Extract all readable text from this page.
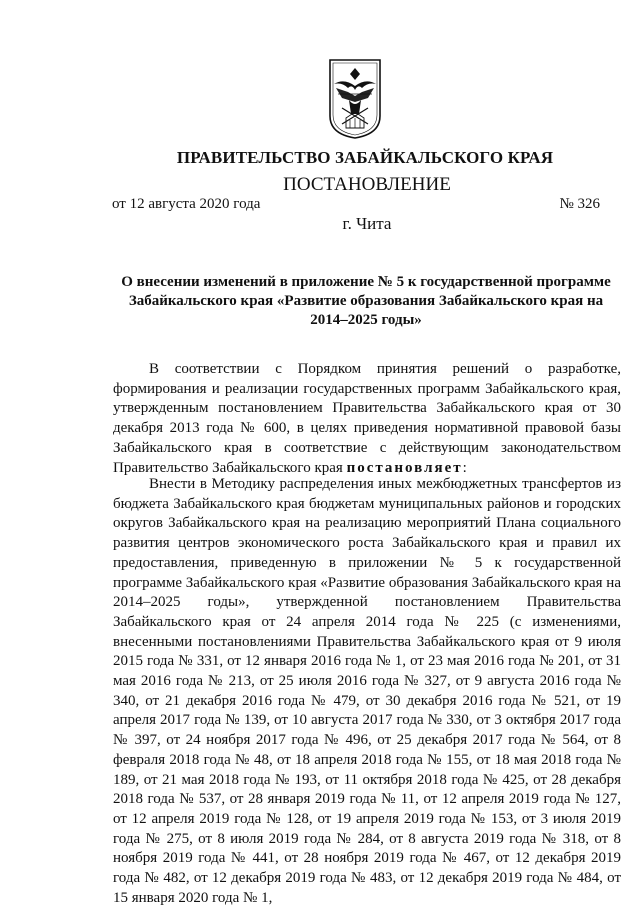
ПРАВИТЕЛЬСТВО ЗАБАЙКАЛЬСКОГО КРАЯ
ПОСТАНОВЛЕНИЕ
от 12 августа 2020 года	№ 326
г. Чита
О внесении изменений в приложение № 5 к государственной программе Забайкальского края «Развитие образования Забайкальского края на 2014–2025 годы»

В соответствии с Порядком принятия решений о разработке, формирования и реализации государственных программ Забайкальского края, утвержденным постановлением Правительства Забайкальского края от 30 декабря 2013 года № 600, в целях приведения нормативной правовой базы Забайкальского края в соответствие с действующим законодательством Правительство Забайкальского края постановляет:

Внести в Методику распределения иных межбюджетных трансфертов из бюджета Забайкальского края бюджетам муниципальных районов и городских округов Забайкальского края на реализацию мероприятий Плана социального развития центров экономического роста Забайкальского края и правил их предоставления, приведенную в приложении № 5 к государственной программе Забайкальского края «Развитие образования Забайкальского края на 2014–2025 годы», утвержденной постановлением Правительства Забайкальского края от 24 апреля 2014 года № 225 (с изменениями, внесенными постановлениями Правительства Забайкальского края от 9 июля 2015 года № 331, от 12 января 2016 года № 1, от 23 мая 2016 года № 201, от 31 мая 2016 года № 213, от 25 июля 2016 года № 327, от 9 августа 2016 года № 340, от 21 декабря 2016 года № 479, от 30 декабря 2016 года № 521, от 19 апреля 2017 года № 139, от 10 августа 2017 года № 330, от 3 октября 2017 года № 397, от 24 ноября 2017 года № 496, от 25 декабря 2017 года № 564, от 8 февраля 2018 года № 48, от 18 апреля 2018 года № 155, от 18 мая 2018 года № 189, от 21 мая 2018 года № 193, от 11 октября 2018 года № 425, от 28 декабря 2018 года № 537, от 28 января 2019 года № 11, от 12 апреля 2019 года № 127, от 12 апреля 2019 года № 128, от 19 апреля 2019 года № 153, от 3 июля 2019 года № 275, от 8 июля 2019 года № 284, от 8 августа 2019 года № 318, от 8 ноября 2019 года № 441, от 28 ноября 2019 года № 467, от 12 декабря 2019 года № 482, от 12 декабря 2019 года № 483, от 12 декабря 2019 года № 484, от 15 января 2020 года № 1,
